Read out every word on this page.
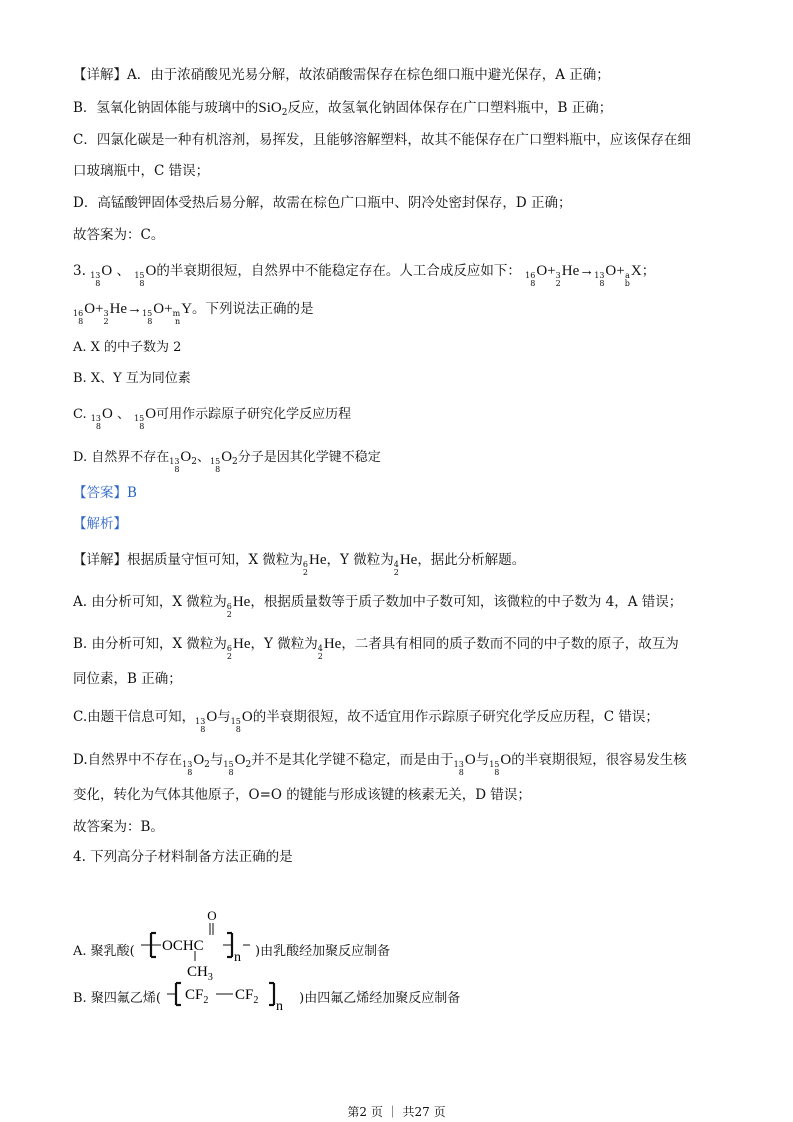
【详解】A．由于浓硝酸见光易分解，故浓硝酸需保存在棕色细口瓶中避光保存，A 正确；
B．氢氧化钠固体能与玻璃中的SiO$_2$反应，故氢氧化钠固体保存在广口塑料瓶中，B 正确；
C．四氯化碳是一种有机溶剂，易挥发，且能够溶解塑料，故其不能保存在广口塑料瓶中，应该保存在细
口玻璃瓶中，C 错误；
D．高锰酸钾固体受热后易分解，故需在棕色广口瓶中、阴冷处密封保存，D 正确；
故答案为：C。
3. 13
8
O 、 15
8
O的半衰期很短，自然界中不能稳定存在。人工合成反应如下： 16
8
O+ 3
2
He→ 13
8
O+ a
b
X；
16
8
O+ 3
2
He→ 15
8
O+ m
n
Y。下列说法正确的是
A. X 的中子数为 2
B. X、Y 互为同位素
C. 13
8
O 、 15
8
O可用作示踪原子研究化学反应历程
D. 自然界不存在 13
8
$O_2$、 15
8
$O_2$分子是因其化学键不稳定
【答案】B
【解析】
【详解】根据质量守恒可知，X 微粒为 6
2
He，Y 微粒为 4
2
He，据此分析解题。
A. 由分析可知，X 微粒为 6
2
He，根据质量数等于质子数加中子数可知，该微粒的中子数为 4，A 错误；
B. 由分析可知，X 微粒为 6
2
He，Y 微粒为 4
2
He，二者具有相同的质子数而不同的中子数的原子，故互为
同位素，B 正确；
C.由题干信息可知， 13
8
O与 15
8
O的半衰期很短，故不适宜用作示踪原子研究化学反应历程，C 错误；
D.自然界中不存在 13
8
$O_2$与 15
8
$O_2$并不是其化学键不稳定，而是由于 13
8
O与 15
8
O的半衰期很短，很容易发生核
变化，转化为气体其他原子，O=O 的键能与形成该键的核素无关，D 错误；
故答案为：B。
4. 下列高分子材料制备方法正确的是
A. 聚乳酸( OCHC
O
$CH_3$
n )由乳酸经加聚反应制备
B. 聚四氟乙烯( $CF_2$ $CF_2$ n
)由四氟乙烯经加聚反应制备
第2 页 ｜ 共27 页
